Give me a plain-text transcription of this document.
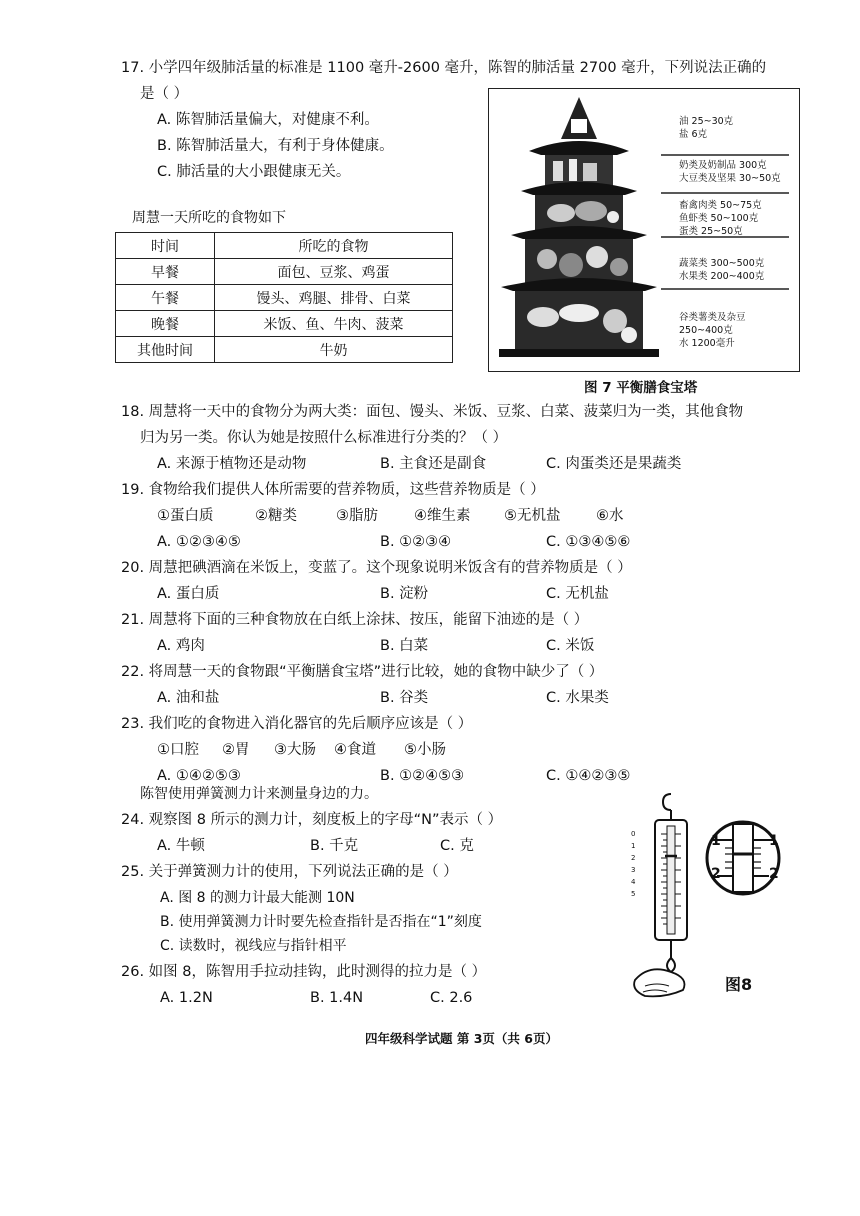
17. 小学四年级肺活量的标准是 1100 毫升-2600 毫升，陈智的肺活量 2700 毫升，下列说法正确的
是（ ）
A. 陈智肺活量偏大，对健康不利。
B. 陈智肺活量大，有利于身体健康。
C. 肺活量的大小跟健康无关。
周慧一天所吃的食物如下
时间	所吃的食物
早餐	面包、豆浆、鸡蛋
午餐	馒头、鸡腿、排骨、白菜
晚餐	米饭、鱼、牛肉、菠菜
其他时间	牛奶
油 25~30克
盐 6克
奶类及奶制品 300克
大豆类及坚果 30~50克
畜禽肉类 50~75克
鱼虾类 50~100克
蛋类 25~50克
蔬菜类 300~500克
水果类 200~400克
谷类薯类及杂豆
250~400克
水 1200毫升
图 7 平衡膳食宝塔
18. 周慧将一天中的食物分为两大类：面包、馒头、米饭、豆浆、白菜、菠菜归为一类，其他食物
归为另一类。你认为她是按照什么标准进行分类的？（ ）
A. 来源于植物还是动物	B. 主食还是副食	C. 肉蛋类还是果蔬类
19. 食物给我们提供人体所需要的营养物质，这些营养物质是（ ）
①蛋白质	②糖类	③脂肪 ④维生素 ⑤无机盐 ⑥水
A. ①②③④⑤	B. ①②③④	C. ①③④⑤⑥
20. 周慧把碘酒滴在米饭上，变蓝了。这个现象说明米饭含有的营养物质是（ ）
A. 蛋白质	B. 淀粉	C. 无机盐
21. 周慧将下面的三种食物放在白纸上涂抹、按压，能留下油迹的是（ ）
A. 鸡肉	B. 白菜	C. 米饭
22. 将周慧一天的食物跟“平衡膳食宝塔”进行比较，她的食物中缺少了（ ）
A. 油和盐	B. 谷类	C. 水果类
23. 我们吃的食物进入消化器官的先后顺序应该是（ ）
①口腔 ②胃 ③大肠 ④食道 ⑤小肠
A. ①④②⑤③	B. ①②④⑤③	C. ①④②③⑤
陈智使用弹簧测力计来测量身边的力。
24. 观察图 8 所示的测力计，刻度板上的字母“N”表示（ ）
A. 牛顿	B. 千克	C. 克
25. 关于弹簧测力计的使用，下列说法正确的是（ ）
A. 图 8 的测力计最大能测 10N
B. 使用弹簧测力计时要先检查指针是否指在“1”刻度
C. 读数时，视线应与指针相平
26. 如图 8，陈智用手拉动挂钩，此时测得的拉力是（ ）
A. 1.2N	B. 1.4N	C. 2.6
0
1
2
3
4
5
1
2
1
2
图8
四年级科学试题 第 3页（共 6页）
